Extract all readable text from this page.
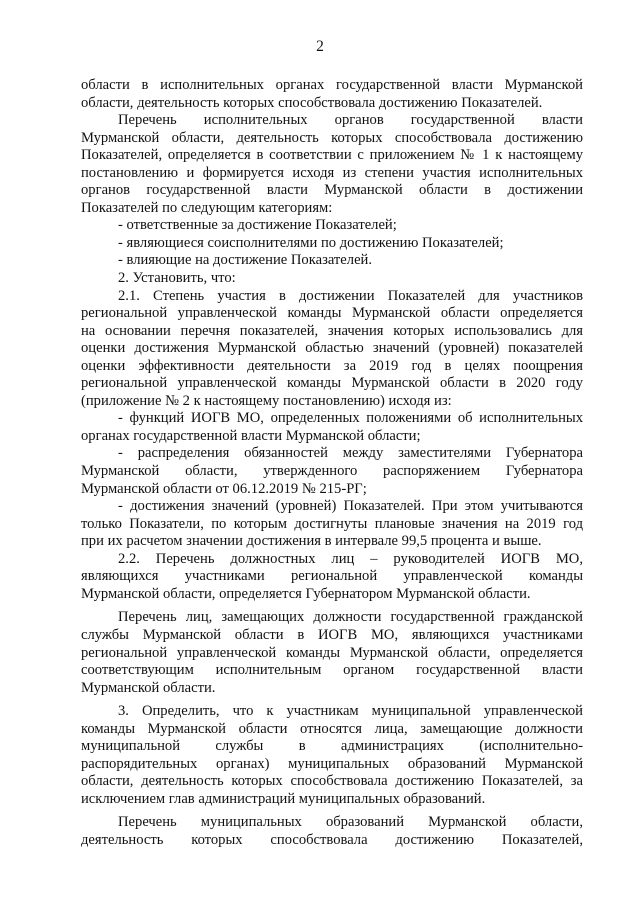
2
области в исполнительных органах государственной власти Мурманской
области, деятельность которых способствовала достижению Показателей.
Перечень исполнительных органов государственной власти
Мурманской области, деятельность которых способствовала достижению
Показателей, определяется в соответствии с приложением № 1 к настоящему
постановлению и формируется исходя из степени участия исполнительных
органов государственной власти Мурманской области в достижении
Показателей по следующим категориям:
- ответственные за достижение Показателей;
- являющиеся соисполнителями по достижению Показателей;
- влияющие на достижение Показателей.
2. Установить, что:
2.1. Степень участия в достижении Показателей для участников
региональной управленческой команды Мурманской области определяется
на основании перечня показателей, значения которых использовались для
оценки достижения Мурманской областью значений (уровней) показателей
оценки эффективности деятельности за 2019 год в целях поощрения
региональной управленческой команды Мурманской области в 2020 году
(приложение № 2 к настоящему постановлению) исходя из:
- функций ИОГВ МО, определенных положениями об исполнительных
органах государственной власти Мурманской области;
- распределения обязанностей между заместителями Губернатора
Мурманской области, утвержденного распоряжением Губернатора
Мурманской области от 06.12.2019 № 215-РГ;
- достижения значений (уровней) Показателей. При этом учитываются
только Показатели, по которым достигнуты плановые значения на 2019 год
при их расчетом значении достижения в интервале 99,5 процента и выше.
2.2. Перечень должностных лиц – руководителей ИОГВ МО,
являющихся участниками региональной управленческой команды
Мурманской области, определяется Губернатором Мурманской области.
Перечень лиц, замещающих должности государственной гражданской
службы Мурманской области в ИОГВ МО, являющихся участниками
региональной управленческой команды Мурманской области, определяется
соответствующим исполнительным органом государственной власти
Мурманской области.
3. Определить, что к участникам муниципальной управленческой
команды Мурманской области относятся лица, замещающие должности
муниципальной службы в администрациях (исполнительно-
распорядительных органах) муниципальных образований Мурманской
области, деятельность которых способствовала достижению Показателей, за
исключением глав администраций муниципальных образований.
Перечень муниципальных образований Мурманской области,
деятельность которых способствовала достижению Показателей,
